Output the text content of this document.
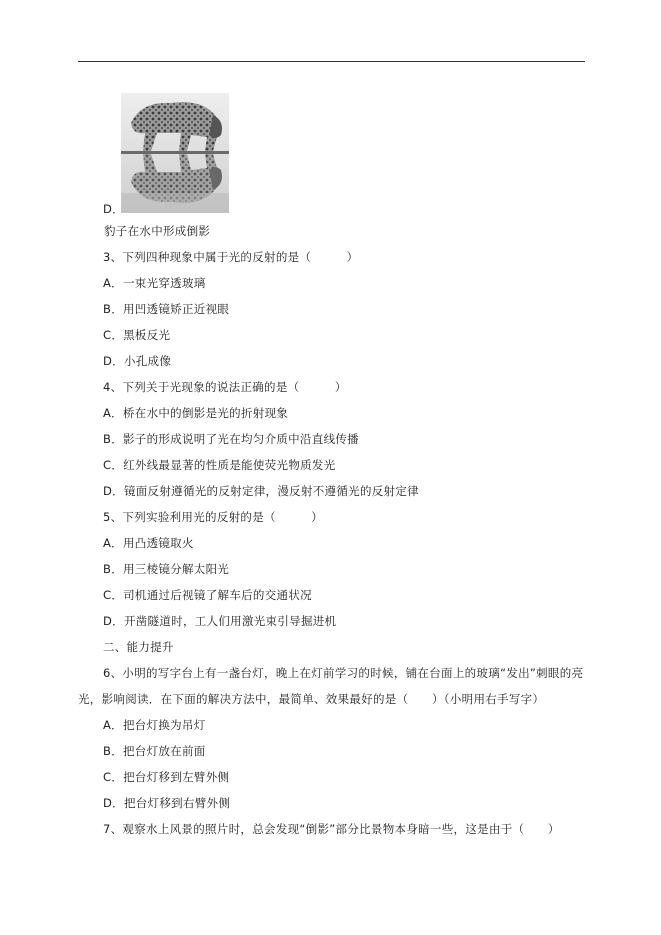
D．
豹子在水中形成倒影
3、下列四种现象中属于光的反射的是（　　　）
A．一束光穿透玻璃
B．用凹透镜矫正近视眼
C．黑板反光
D．小孔成像
4、下列关于光现象的说法正确的是（　　　）
A．桥在水中的倒影是光的折射现象
B．影子的形成说明了光在均匀介质中沿直线传播
C．红外线最显著的性质是能使荧光物质发光
D．镜面反射遵循光的反射定律，漫反射不遵循光的反射定律
5、下列实验利用光的反射的是（　　　）
A．用凸透镜取火
B．用三棱镜分解太阳光
C．司机通过后视镜了解车后的交通状况
D．开凿隧道时，工人们用激光束引导掘进机
二、能力提升
6、小明的写字台上有一盏台灯，晚上在灯前学习的时候，铺在台面上的玻璃“发出”刺眼的亮
光，影响阅读．在下面的解决方法中，最简单、效果最好的是（　　）（小明用右手写字）
A．把台灯换为吊灯
B．把台灯放在前面
C．把台灯移到左臂外侧
D．把台灯移到右臂外侧
7、观察水上风景的照片时，总会发现“倒影”部分比景物本身暗一些，这是由于（　　）
